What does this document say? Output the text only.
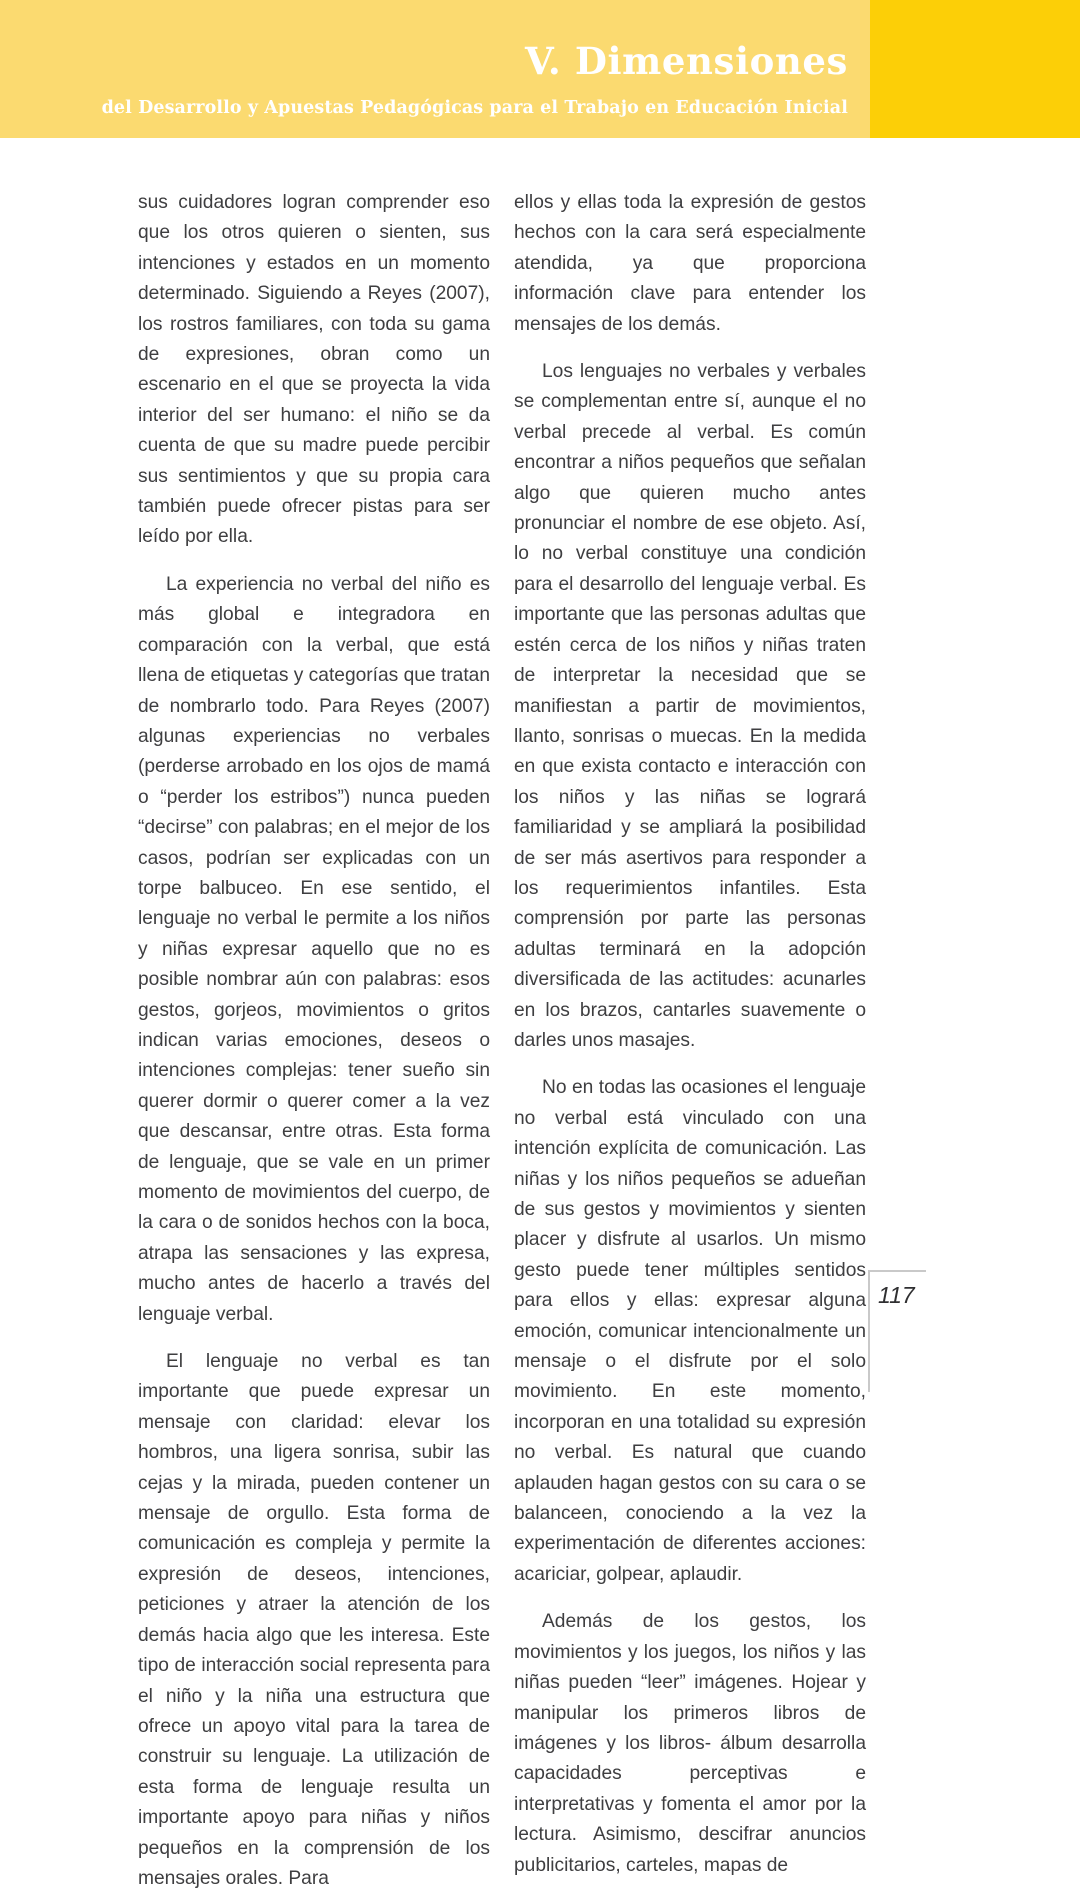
V. Dimensiones
del Desarrollo y Apuestas Pedagógicas para el Trabajo en Educación Inicial

sus cuidadores logran comprender eso que los otros quieren o sienten, sus intenciones y estados en un momento determinado. Siguiendo a Reyes (2007), los rostros familiares, con toda su gama de expresiones, obran como un escenario en el que se proyecta la vida interior del ser humano: el niño se da cuenta de que su madre puede percibir sus sentimientos y que su propia cara también puede ofrecer pistas para ser leído por ella.

La experiencia no verbal del niño es más global e integradora en comparación con la verbal, que está llena de etiquetas y categorías que tratan de nombrarlo todo. Para Reyes (2007) algunas experiencias no verbales (perderse arrobado en los ojos de mamá o “perder los estribos”) nunca pueden “decirse” con palabras; en el mejor de los casos, podrían ser explicadas con un torpe balbuceo. En ese sentido, el lenguaje no verbal le permite a los niños y niñas expresar aquello que no es posible nombrar aún con palabras: esos gestos, gorjeos, movimientos o gritos indican varias emociones, deseos o intenciones complejas: tener sueño sin querer dormir o querer comer a la vez que descansar, entre otras. Esta forma de lenguaje, que se vale en un primer momento de movimientos del cuerpo, de la cara o de sonidos hechos con la boca, atrapa las sensaciones y las expresa, mucho antes de hacerlo a través del lenguaje verbal.

El lenguaje no verbal es tan importante que puede expresar un mensaje con claridad: elevar los hombros, una ligera sonrisa, subir las cejas y la mirada, pueden contener un mensaje de orgullo. Esta forma de comunicación es compleja y permite la expresión de deseos, intenciones, peticiones y atraer la atención de los demás hacia algo que les interesa. Este tipo de interacción social representa para el niño y la niña una estructura que ofrece un apoyo vital para la tarea de construir su lenguaje. La utilización de esta forma de lenguaje resulta un importante apoyo para niñas y niños pequeños en la comprensión de los mensajes orales. Para

ellos y ellas toda la expresión de gestos hechos con la cara será especialmente atendida, ya que proporciona información clave para entender los mensajes de los demás.

Los lenguajes no verbales y verbales se complementan entre sí, aunque el no verbal precede al verbal. Es común encontrar a niños pequeños que señalan algo que quieren mucho antes pronunciar el nombre de ese objeto. Así, lo no verbal constituye una condición para el desarrollo del lenguaje verbal. Es importante que las personas adultas que estén cerca de los niños y niñas traten de interpretar la necesidad que se manifiestan a partir de movimientos, llanto, sonrisas o muecas. En la medida en que exista contacto e interacción con los niños y las niñas se logrará familiaridad y se ampliará la posibilidad de ser más asertivos para responder a los requerimientos infantiles. Esta comprensión por parte las personas adultas terminará en la adopción diversificada de las actitudes: acunarles en los brazos, cantarles suavemente o darles unos masajes.

No en todas las ocasiones el lenguaje no verbal está vinculado con una intención explícita de comunicación. Las niñas y los niños pequeños se adueñan de sus gestos y movimientos y sienten placer y disfrute al usarlos. Un mismo gesto puede tener múltiples sentidos para ellos y ellas: expresar alguna emoción, comunicar intencionalmente un mensaje o el disfrute por el solo movimiento. En este momento, incorporan en una totalidad su expresión no verbal. Es natural que cuando aplauden hagan gestos con su cara o se balanceen, conociendo a la vez la experimentación de diferentes acciones: acariciar, golpear, aplaudir.

Además de los gestos, los movimientos y los juegos, los niños y las niñas pueden “leer” imágenes. Hojear y manipular los primeros libros de imágenes y los libros- álbum desarrolla capacidades perceptivas e interpretativas y fomenta el amor por la lectura. Asimismo, descifrar anuncios publicitarios, carteles, mapas de

117
